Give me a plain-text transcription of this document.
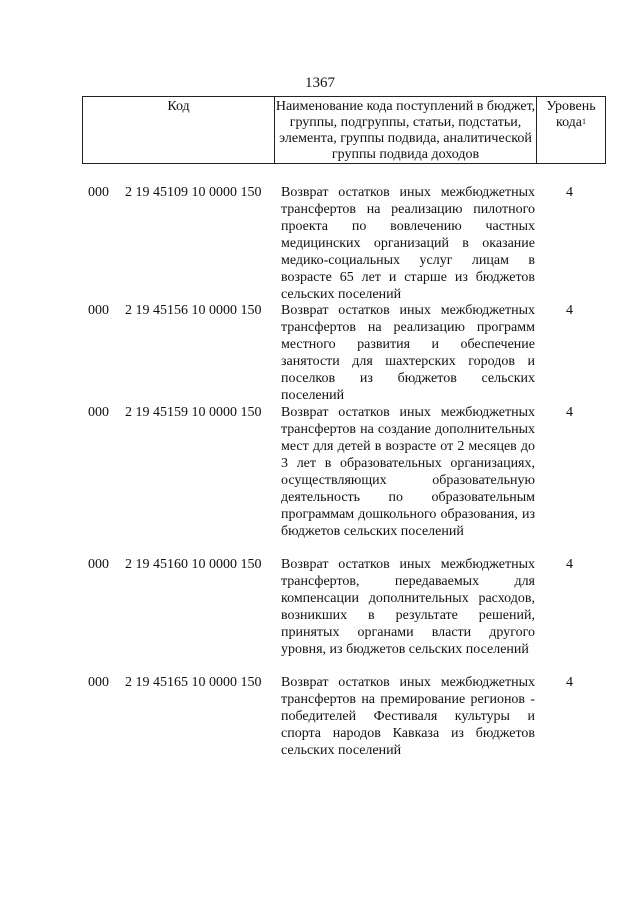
1367
Код	Наименование кода поступлений в бюджет, группы, подгруппы, статьи, подстатьи, элемента, группы подвида, аналитической группы подвида доходов
Уровень кода$^1$
000 2 19 45109 10 0000 150 Возврат остатков иных межбюджетных трансфертов на реализацию пилотного проекта по вовлечению частных медицинских организаций в оказание медико-социальных услуг лицам в возрасте 65 лет и старше из бюджетов сельских поселений
4
000 2 19 45156 10 0000 150 Возврат остатков иных межбюджетных трансфертов на реализацию программ местного развития и обеспечение занятости для шахтерских городов и поселков из бюджетов сельских поселений
4
000 2 19 45159 10 0000 150 Возврат остатков иных межбюджетных трансфертов на создание дополнительных мест для детей в возрасте от 2 месяцев до 3 лет в образовательных организациях, осуществляющих образовательную деятельность по образовательным программам дошкольного образования, из бюджетов сельских поселений
4
000 2 19 45160 10 0000 150 Возврат остатков иных межбюджетных трансфертов, передаваемых для компенсации дополнительных расходов, возникших в результате решений, принятых органами власти другого уровня, из бюджетов сельских поселений
4
000 2 19 45165 10 0000 150 Возврат остатков иных межбюджетных трансфертов на премирование регионов - победителей Фестиваля культуры и спорта народов Кавказа из бюджетов сельских поселений
4
